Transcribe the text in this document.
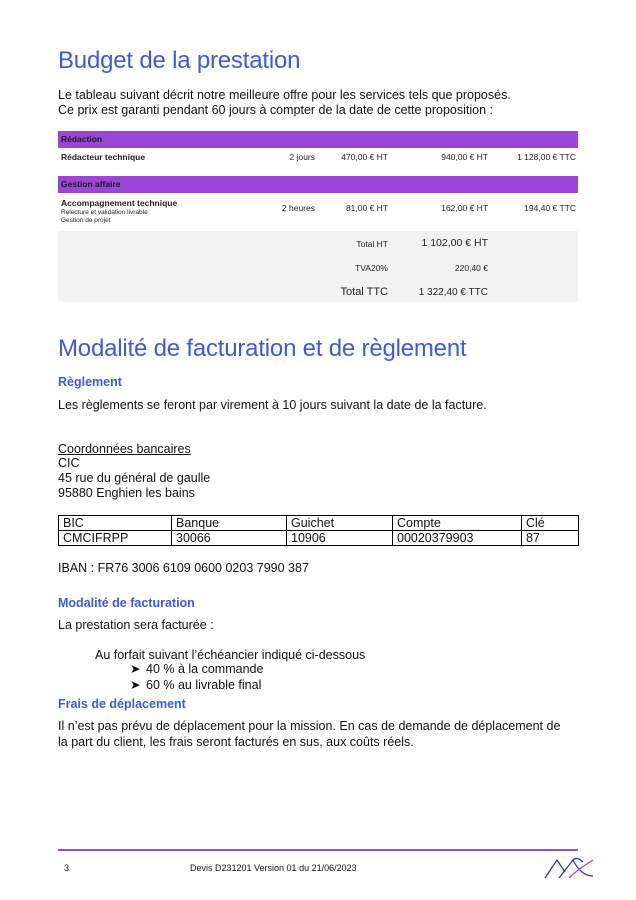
Budget de la prestation
Le tableau suivant décrit notre meilleure offre pour les services tels que proposés.
Ce prix est garanti pendant 60 jours à compter de la date de cette proposition :
Rédaction
Rédacteur technique	2 jours	470,00 € HT	940,00 € HT	1 128,00 € TTC
Gestion affaire
Accompagnement technique
Relecture et validation livrable
Gestion de projet
2 heures	81,00 € HT	162,00 € HT	194,40 € TTC
Total HT	1 102,00 € HT
TVA20%	220,40 €
Total TTC	1 322,40 € TTC
Modalité de facturation et de règlement
Règlement
Les règlements se feront par virement à 10 jours suivant la date de la facture.
Coordonnées bancaires
CIC
45 rue du général de gaulle
95880 Enghien les bains
BIC	Banque	Guichet	Compte	Clé
CMCIFRPP	30066	10906	00020379903	87
IBAN : FR76 3006 6109 0600 0203 7990 387
Modalité de facturation
La prestation sera facturée :
Au forfait suivant l’échéancier indiqué ci-dessous
➤ 40 % à la commande
➤ 60 % au livrable final
Frais de déplacement
Il n’est pas prévu de déplacement pour la mission. En cas de demande de déplacement de
la part du client, les frais seront facturés en sus, aux coûts réels.
3	Devis D231201 Version 01 du 21/06/2023
